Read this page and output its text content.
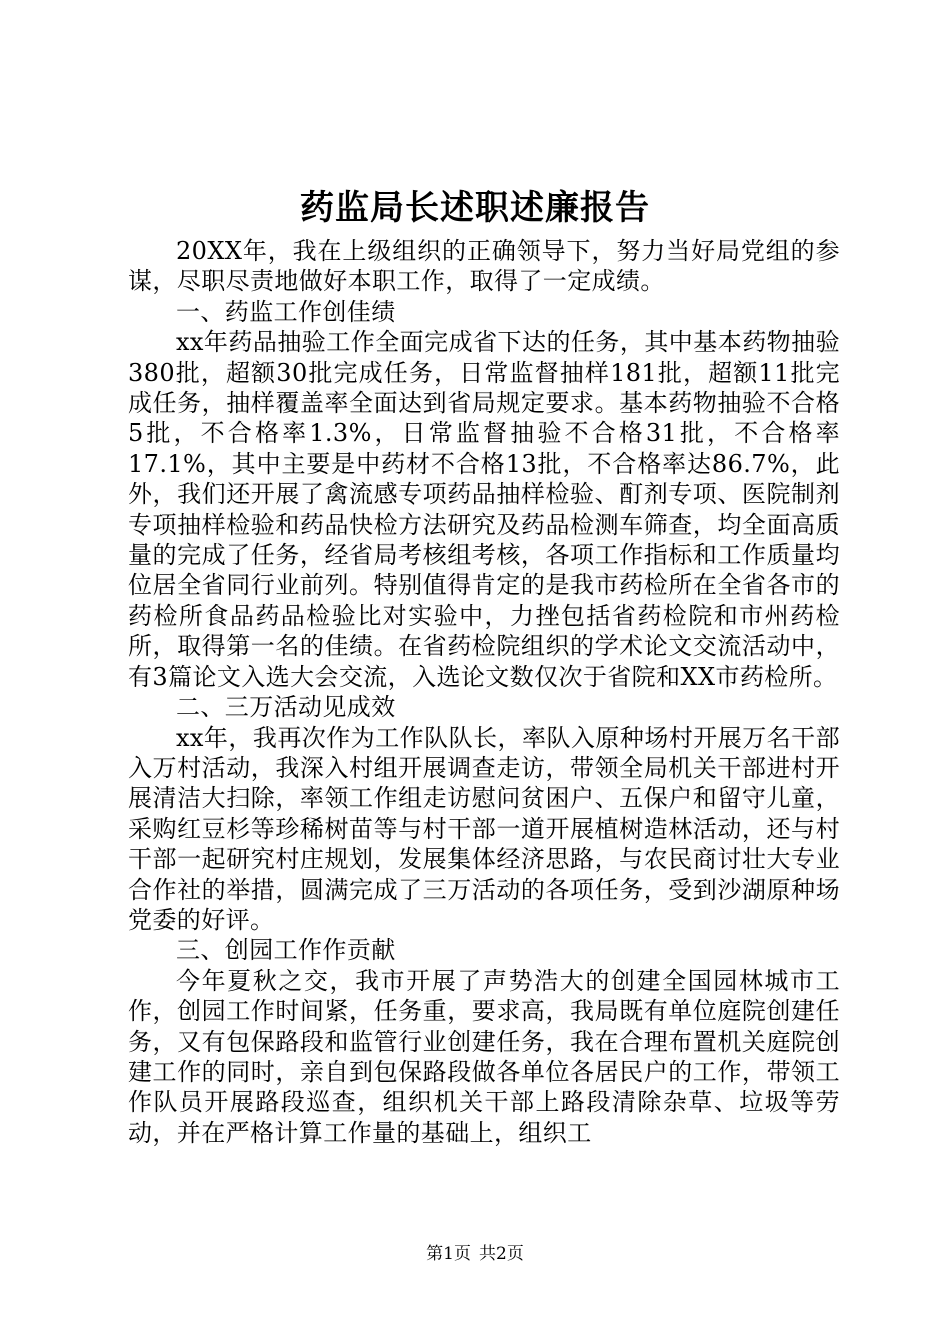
药监局长述职述廉报告

20XX年，我在上级组织的正确领导下，努力当好局党组的参谋，尽职尽责地做好本职工作，取得了一定成绩。

一、药监工作创佳绩

xx年药品抽验工作全面完成省下达的任务，其中基本药物抽验380批，超额30批完成任务，日常监督抽样181批，超额11批完成任务，抽样覆盖率全面达到省局规定要求。基本药物抽验不合格5批，不合格率1.3%，日常监督抽验不合格31批，不合格率17.1%，其中主要是中药材不合格13批，不合格率达86.7%，此外，我们还开展了禽流感专项药品抽样检验、酊剂专项、医院制剂专项抽样检验和药品快检方法研究及药品检测车筛查，均全面高质量的完成了任务，经省局考核组考核，各项工作指标和工作质量均位居全省同行业前列。特别值得肯定的是我市药检所在全省各市的药检所食品药品检验比对实验中，力挫包括省药检院和市州药检所，取得第一名的佳绩。在省药检院组织的学术论文交流活动中，有3篇论文入选大会交流，入选论文数仅次于省院和XX市药检所。

二、三万活动见成效

xx年，我再次作为工作队队长，率队入原种场村开展万名干部入万村活动，我深入村组开展调查走访，带领全局机关干部进村开展清洁大扫除，率领工作组走访慰问贫困户、五保户和留守儿童，采购红豆杉等珍稀树苗等与村干部一道开展植树造林活动，还与村干部一起研究村庄规划，发展集体经济思路，与农民商讨壮大专业合作社的举措，圆满完成了三万活动的各项任务，受到沙湖原种场党委的好评。

三、创园工作作贡献

今年夏秋之交，我市开展了声势浩大的创建全国园林城市工作，创园工作时间紧，任务重，要求高，我局既有单位庭院创建任务，又有包保路段和监管行业创建任务，我在合理布置机关庭院创建工作的同时，亲自到包保路段做各单位各居民户的工作，带领工作队员开展路段巡查，组织机关干部上路段清除杂草、垃圾等劳动，并在严格计算工作量的基础上，组织工

第1页 共2页
